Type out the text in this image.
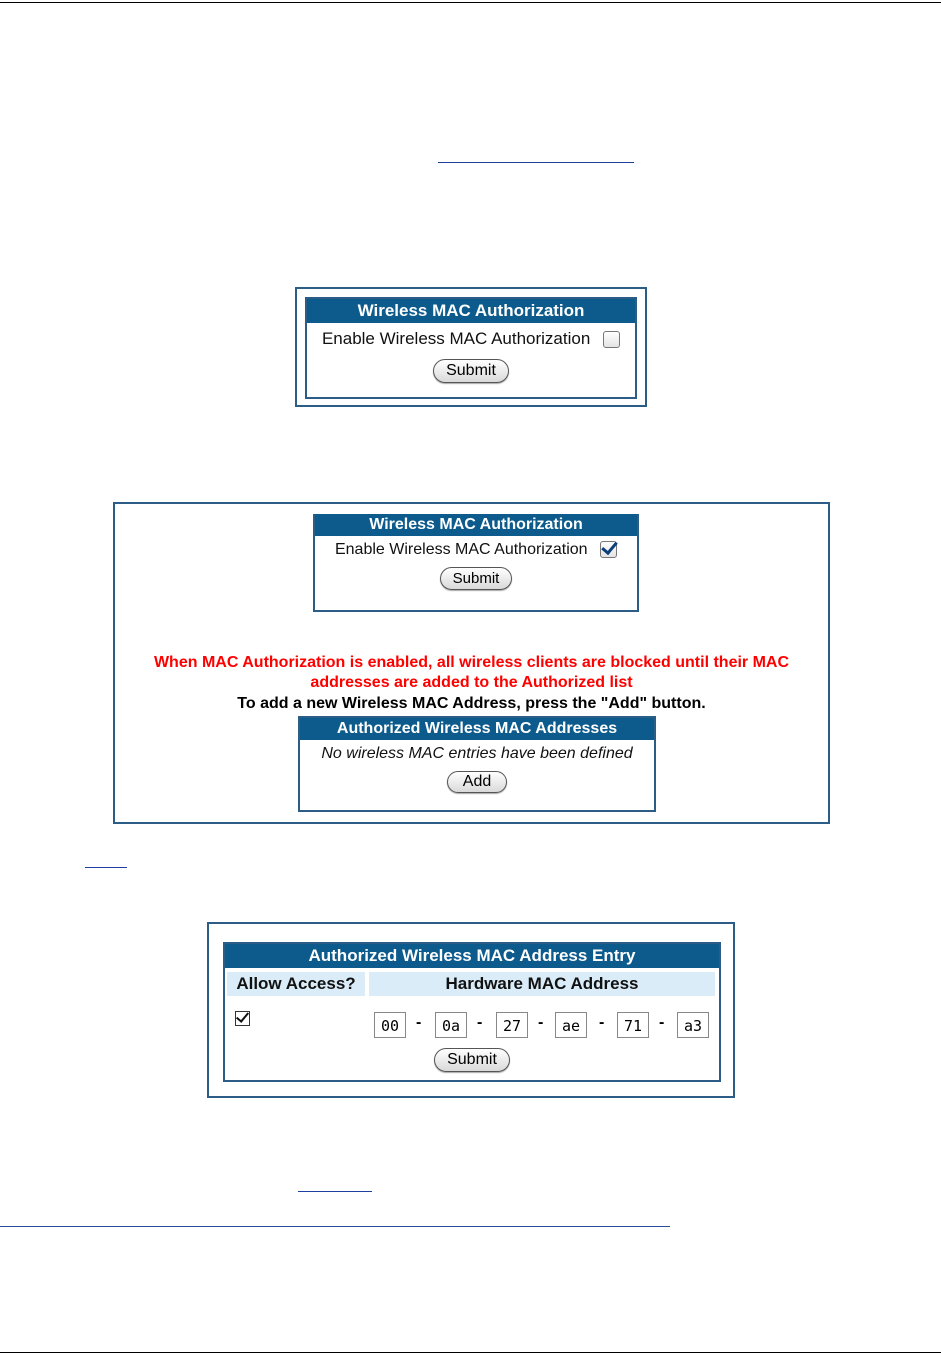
Wireless MAC Authorization
Enable Wireless MAC Authorization
Submit
Wireless MAC Authorization
Enable Wireless MAC Authorization
Submit
When MAC Authorization is enabled, all wireless clients are blocked until their MAC
addresses are added to the Authorized list
To add a new Wireless MAC Address, press the "Add" button.
Authorized Wireless MAC Addresses
No wireless MAC entries have been defined
Add
Authorized Wireless MAC Address Entry
Allow Access?	Hardware MAC Address
00	-	0a	-	27	-	ae	-	71	-	a3
Submit
